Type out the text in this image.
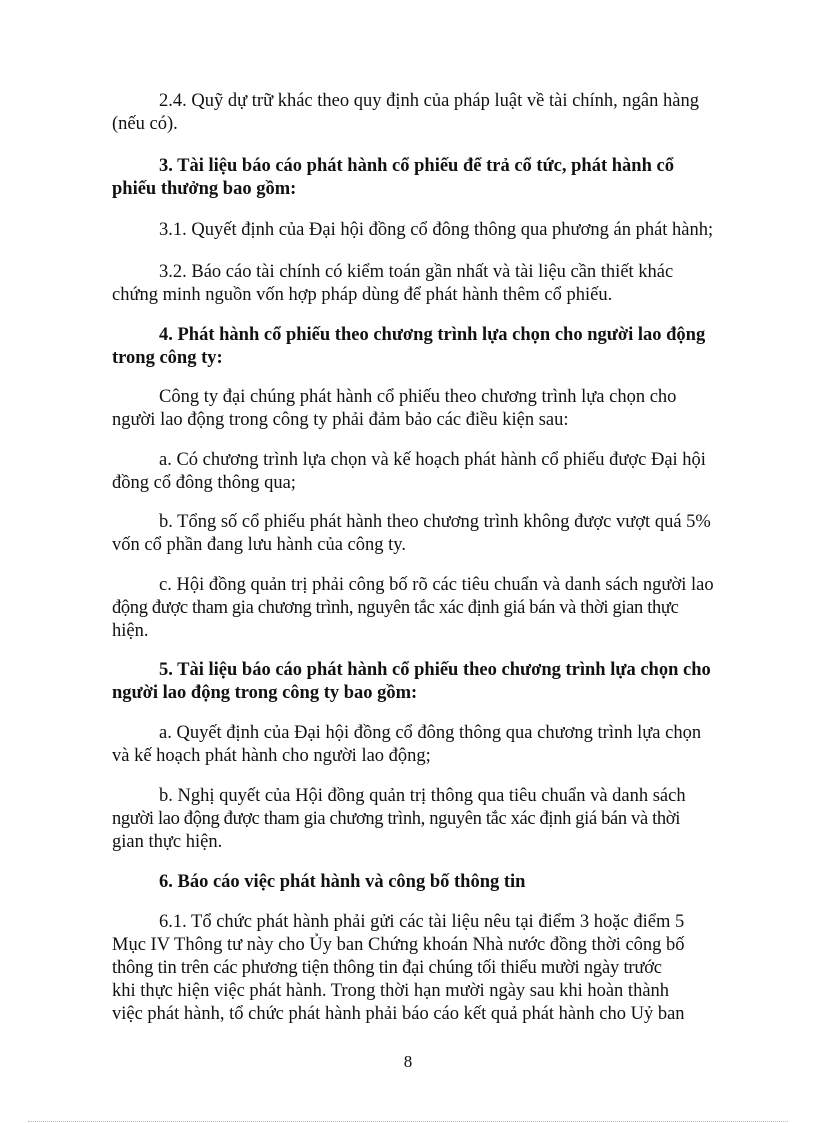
2.4. Quỹ dự trữ khác theo quy định của pháp luật về tài chính, ngân hàng
(nếu có).
3. Tài liệu báo cáo phát hành cổ phiếu để trả cổ tức, phát hành cổ
phiếu thưởng bao gồm:
3.1. Quyết định của Đại hội đồng cổ đông thông qua phương án phát hành;
3.2. Báo cáo tài chính có kiểm toán gần nhất và tài liệu cần thiết khác
chứng minh nguồn vốn hợp pháp dùng để phát hành thêm cổ phiếu.
4. Phát hành cổ phiếu theo chương trình lựa chọn cho người lao động
trong công ty:
Công ty đại chúng phát hành cổ phiếu theo chương trình lựa chọn cho
người lao động trong công ty phải đảm bảo các điều kiện sau:
a. Có chương trình lựa chọn và kế hoạch phát hành cổ phiếu được Đại hội
đồng cổ đông thông qua;
b. Tổng số cổ phiếu phát hành theo chương trình không được vượt quá 5%
vốn cổ phần đang lưu hành của công ty.
c. Hội đồng quản trị phải công bố rõ các tiêu chuẩn và danh sách người lao
động được tham gia chương trình, nguyên tắc xác định giá bán và thời gian thực
hiện.
5. Tài liệu báo cáo phát hành cổ phiếu theo chương trình lựa chọn cho
người lao động trong công ty bao gồm:
a. Quyết định của Đại hội đồng cổ đông thông qua chương trình lựa chọn
và kế hoạch phát hành cho người lao động;
b. Nghị quyết của Hội đồng quản trị thông qua tiêu chuẩn và danh sách
người lao động được tham gia chương trình, nguyên tắc xác định giá bán và thời
gian thực hiện.
6. Báo cáo việc phát hành và công bố thông tin
6.1. Tổ chức phát hành phải gửi các tài liệu nêu tại điểm 3 hoặc điểm 5
Mục IV Thông tư này cho Ủy ban Chứng khoán Nhà nước đồng thời công bố
thông tin trên các phương tiện thông tin đại chúng tối thiểu mười ngày trước
khi thực hiện việc phát hành. Trong thời hạn mười ngày sau khi hoàn thành
việc phát hành, tổ chức phát hành phải báo cáo kết quả phát hành cho Uỷ ban
8
